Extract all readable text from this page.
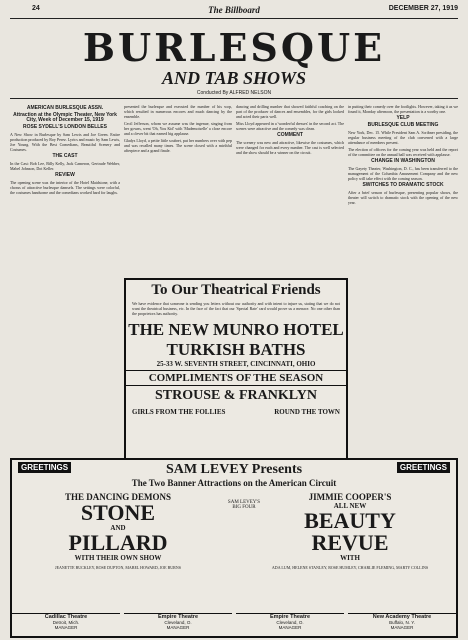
24	The Billboard	DECEMBER 27, 1919
BURLESQUE
AND TAB SHOWS
Conducted By ALFRED NELSON
AMERICAN BURLESQUE ASSN.
Attraction at the Olympic Theater, New York City, Week of December 15, 1919
ROSE SYDELL'S LONDON BELLES

A New Show in Burlesque by Sam Lewis and Joe Green. Entire production produced by Roy Perez. Lyrics and music by Sam Lewis, Joe Young. With the Best Comedians, Beautiful Scenery and Costumes.

THE CAST

In the Cast: Bob Lee, Billy Kelly, Jack Cameron, Gertrude Webber, Mabel Johnson, Dot Keller.

REVIEW

The opening scene was the interior of the Hotel Maidstone, with a chorus of attractive burlesque damsels. The settings were colorful, the costumes handsome and the comedians worked hard for laughs.

presented the burlesque and executed the number of his wop, which resulted in numerous encores and much dancing by the ensemble.

Cecil Jefferson, whom we assume was the ingenue, singing from her gowns, went 'Oh, You Kid' with 'Mademoiselle' a close encore and a clever bit that earned big applause.

Gladys Lloyd, a petite little soubret, put her numbers over with pep and was recalled many times. The scene closed with a mirthful afterpiece and a grand finale.

dancing and drilling number that showed faithful coaching on the part of the producer of dances and ensembles, for the girls looked and acted their parts well.

Miss Lloyd appeared in a 'wonderful dresses' in the second act. The scenes were attractive and the comedy was clean.

COMMENT

The scenery was new and attractive, likewise the costumes, which were changed for each and every number. The cast is well selected and the show should be a winner on the circuit.

in putting their comedy over the footlights. However, taking it as we found it, Monday afternoon, the presentation is a worthy one.

YELP
BURLESQUE CLUB MEETING

New York, Dec. 15. While President Sam A. Scribner presiding, the regular business meeting of the club convened with a large attendance of members present.

The election of officers for the coming year was held and the report of the committee on the annual ball was received with applause.

CHANGE IN WASHINGTON

The Gayety Theater, Washington, D. C., has been transferred to the management of the Columbia Amusement Company and the new policy will take effect with the coming season.

SWITCHES TO DRAMATIC STOCK

After a brief season of burlesque, presenting popular shows, the theater will switch to dramatic stock with the opening of the new year.

To Our Theatrical Friends
We have evidence that someone is sending you letters without our authority and with intent to injure us, stating that we do not want the theatrical business, etc. In the face of the fact that our 'Special Rate' card would prove us a menace. No one other than the proprietors has authority.
THE NEW MUNRO HOTEL
TURKISH BATHS
25-33 W. SEVENTH STREET, CINCINNATI, OHIO
COMPLIMENTS OF THE SEASON
STROUSE & FRANKLYN
GIRLS FROM THE FOLLIES	ROUND THE TOWN
GREETINGS	GREETINGS
SAM LEVEY Presents
The Two Banner Attractions on the American Circuit
THE DANCING DEMONS
STONE
AND
PILLARD
WITH THEIR OWN SHOW
JEANETTE BUCKLEY, ROSE DUPTON, MABEL HOWARD, JOE BURNS
SAM LEVEY'S BIG FOUR
JIMMIE COOPER'S
ALL NEW
BEAUTY
REVUE
WITH
ADA LUM, HELENE STANLEY, ROSE HUMLEY, CHARLIE FLEMING, MARTY COLLINS
Cadillac Theatre
Detroit, Mich.
MANAGER
Empire Theatre
Cleveland, O.
MANAGER
Empire Theatre
Cleveland, O.
MANAGER
New Academy Theatre
Buffalo, N. Y.
MANAGER
